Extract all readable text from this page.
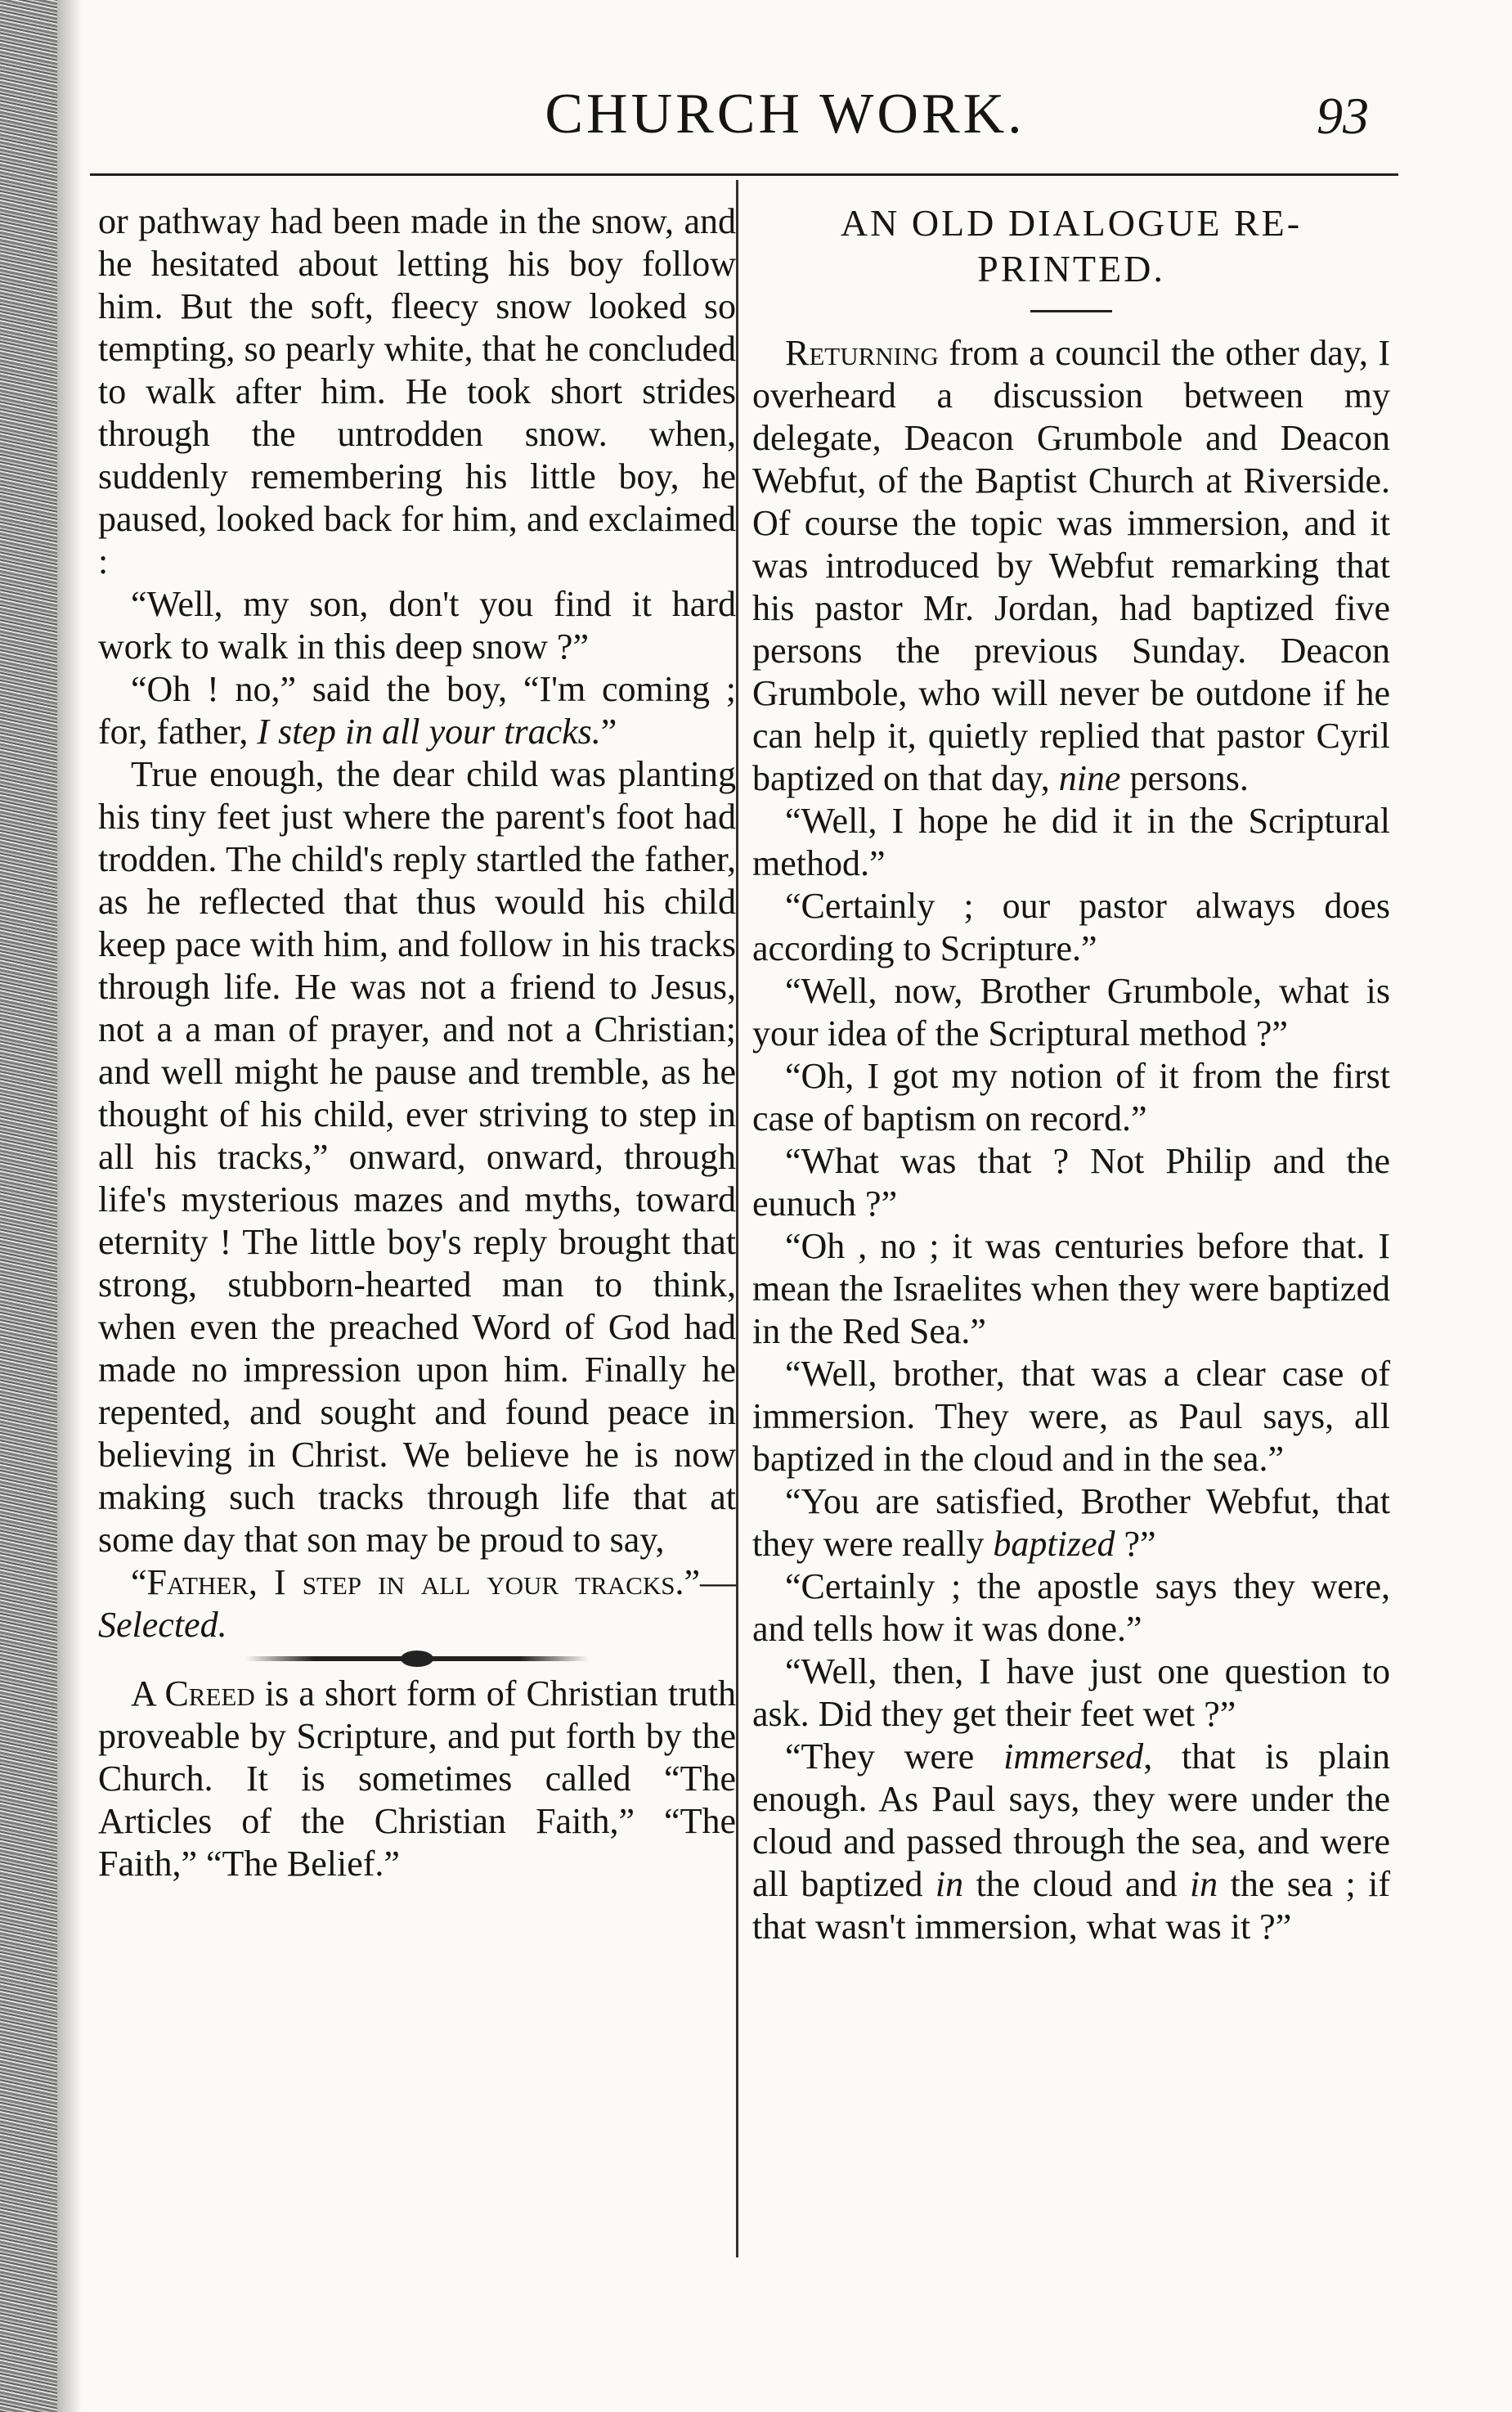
CHURCH WORK.	93

or pathway had been made in the snow, and he hesitated about letting his boy follow him. But the soft, fleecy snow looked so tempting, so pearly white, that he concluded to walk after him. He took short strides through the untrodden snow. when, suddenly remembering his little boy, he paused, looked back for him, and exclaimed :

“Well, my son, don't you find it hard work to walk in this deep snow ?”

“Oh ! no,” said the boy, “I'm coming ; for, father, I step in all your tracks.”

True enough, the dear child was planting his tiny feet just where the parent's foot had trodden. The child's reply startled the father, as he reflected that thus would his child keep pace with him, and follow in his tracks through life. He was not a friend to Jesus, not a a man of prayer, and not a Christian; and well might he pause and tremble, as he thought of his child, ever striving to step in all his tracks,” onward, onward, through life's mysterious mazes and myths, toward eternity ! The little boy's reply brought that strong, stubborn-hearted man to think, when even the preached Word of God had made no impression upon him. Finally he repented, and sought and found peace in believing in Christ. We believe he is now making such tracks through life that at some day that son may be proud to say,

“Father, I step in all your tracks.”—Selected.

A Creed is a short form of Christian truth proveable by Scripture, and put forth by the Church. It is sometimes called “The Articles of the Christian Faith,” “The Faith,” “The Belief.”

AN OLD DIALOGUE RE-PRINTED.

Returning from a council the other day, I overheard a discussion between my delegate, Deacon Grumbole and Deacon Webfut, of the Baptist Church at Riverside. Of course the topic was immersion, and it was introduced by Webfut remarking that his pastor Mr. Jordan, had baptized five persons the previous Sunday. Deacon Grumbole, who will never be outdone if he can help it, quietly replied that pastor Cyril baptized on that day, nine persons.

“Well, I hope he did it in the Scriptural method.”

“Certainly ; our pastor always does according to Scripture.”

“Well, now, Brother Grumbole, what is your idea of the Scriptural method ?”

“Oh, I got my notion of it from the first case of baptism on record.”

“What was that ? Not Philip and the eunuch ?”

“Oh , no ; it was centuries before that. I mean the Israelites when they were baptized in the Red Sea.”

“Well, brother, that was a clear case of immersion. They were, as Paul says, all baptized in the cloud and in the sea.”

“You are satisfied, Brother Webfut, that they were really baptized ?”

“Certainly ; the apostle says they were, and tells how it was done.”

“Well, then, I have just one question to ask. Did they get their feet wet ?”

“They were immersed, that is plain enough. As Paul says, they were under the cloud and passed through the sea, and were all baptized in the cloud and in the sea ; if that wasn't immersion, what was it ?”
